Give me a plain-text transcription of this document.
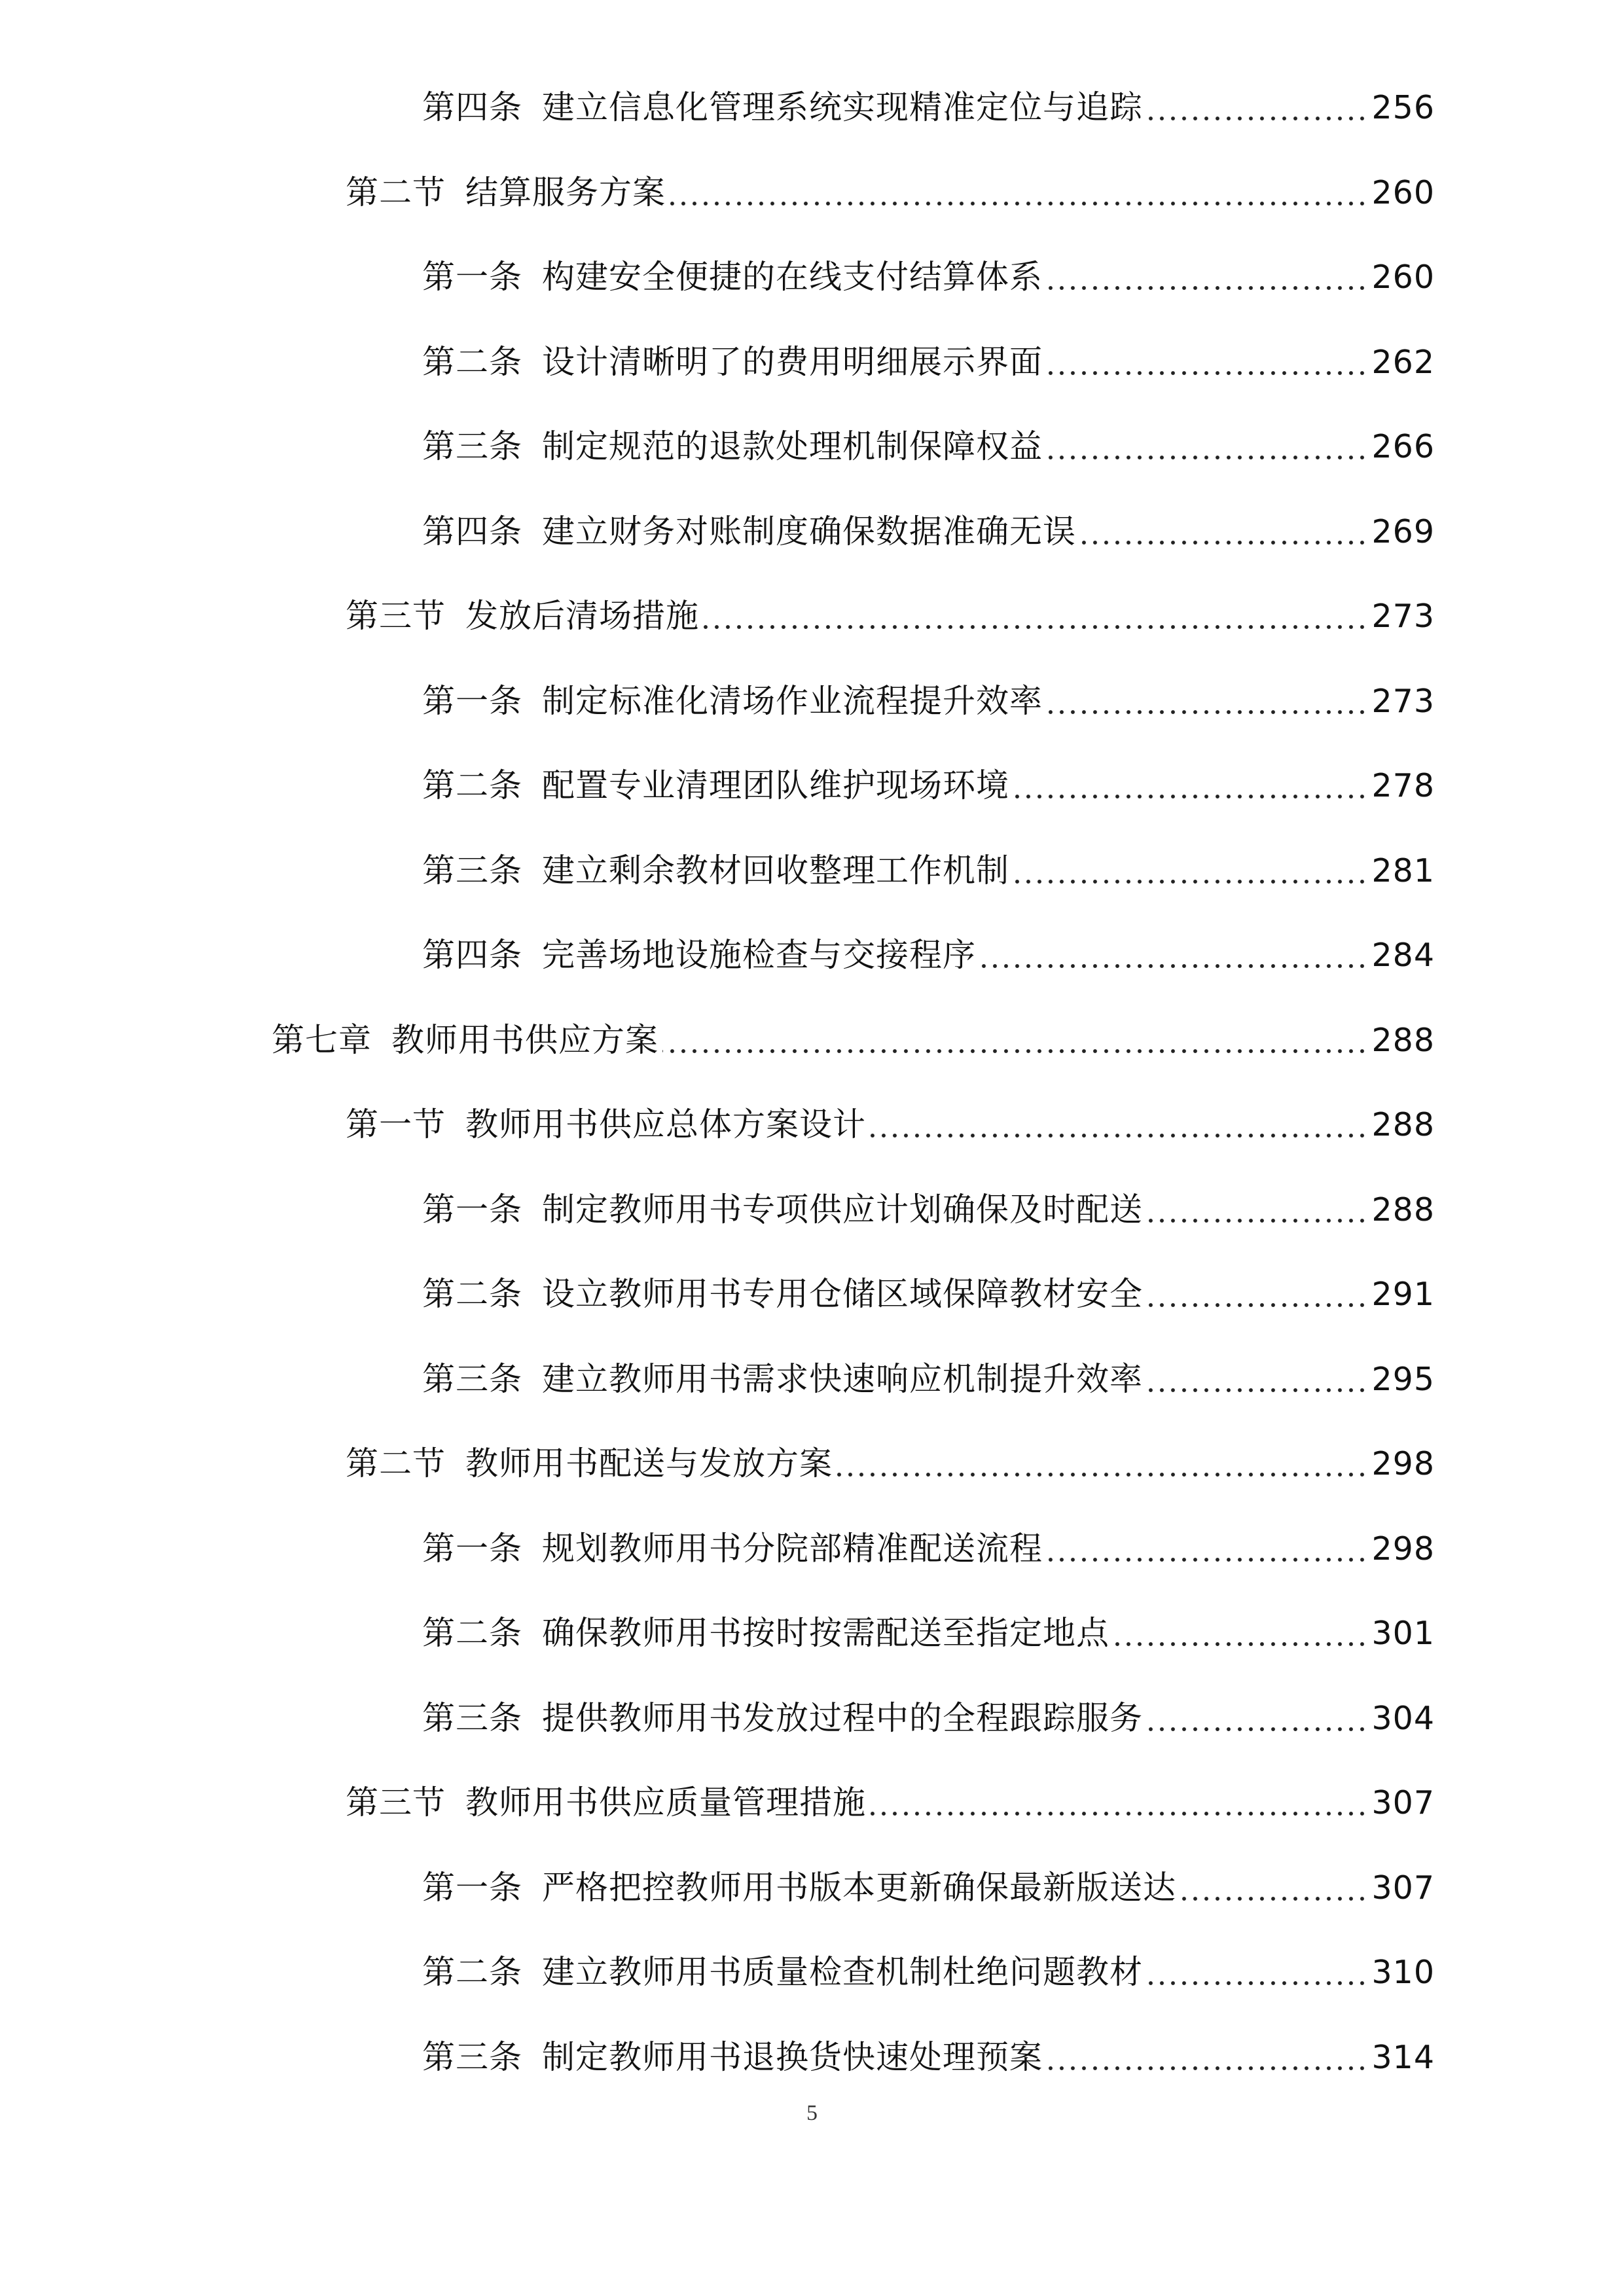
第四条 建立信息化管理系统实现精准定位与追踪	256
第二节 结算服务方案	260
第一条 构建安全便捷的在线支付结算体系	260
第二条 设计清晰明了的费用明细展示界面	262
第三条 制定规范的退款处理机制保障权益	266
第四条 建立财务对账制度确保数据准确无误	269
第三节 发放后清场措施	273
第一条 制定标准化清场作业流程提升效率	273
第二条 配置专业清理团队维护现场环境	278
第三条 建立剩余教材回收整理工作机制	281
第四条 完善场地设施检查与交接程序	284
第七章 教师用书供应方案	288
第一节 教师用书供应总体方案设计	288
第一条 制定教师用书专项供应计划确保及时配送	288
第二条 设立教师用书专用仓储区域保障教材安全	291
第三条 建立教师用书需求快速响应机制提升效率	295
第二节 教师用书配送与发放方案	298
第一条 规划教师用书分院部精准配送流程	298
第二条 确保教师用书按时按需配送至指定地点	301
第三条 提供教师用书发放过程中的全程跟踪服务	304
第三节 教师用书供应质量管理措施	307
第一条 严格把控教师用书版本更新确保最新版送达	307
第二条 建立教师用书质量检查机制杜绝问题教材	310
第三条 制定教师用书退换货快速处理预案	314
5
